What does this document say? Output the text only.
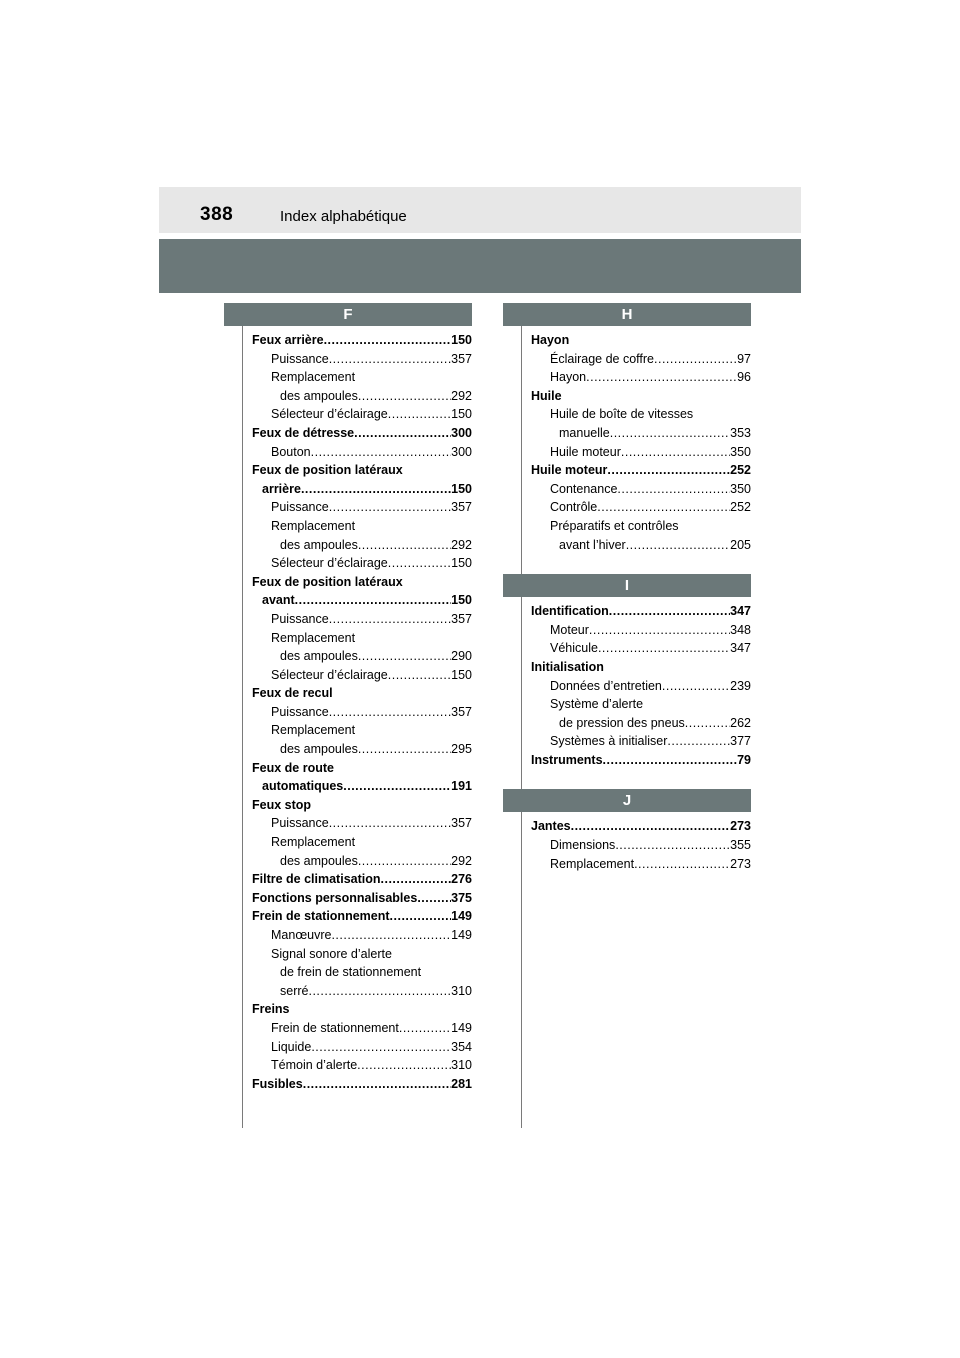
388	Index alphabétique
F
Feux arrière .....	150
Puissance .....	357
Remplacement
des ampoules .....	292
Sélecteur d’éclairage .....	150
Feux de détresse .....	300
Bouton .....	300
Feux de position latéraux
arrière .....	150
Puissance .....	357
Remplacement
des ampoules .....	292
Sélecteur d’éclairage .....	150
Feux de position latéraux
avant .....	150
Puissance .....	357
Remplacement
des ampoules .....	290
Sélecteur d’éclairage .....	150
Feux de recul
Puissance .....	357
Remplacement
des ampoules .....	295
Feux de route
automatiques .....	191
Feux stop
Puissance .....	357
Remplacement
des ampoules .....	292
Filtre de climatisation .....	276
Fonctions personnalisables .....	375
Frein de stationnement .....	149
Manœuvre .....	149
Signal sonore d’alerte
de frein de stationnement
serré .....	310
Freins
Frein de stationnement .....	149
Liquide .....	354
Témoin d’alerte .....	310
Fusibles .....	281
H
Hayon
Éclairage de coffre .....	97
Hayon .....	96
Huile
Huile de boîte de vitesses
manuelle .....	353
Huile moteur .....	350
Huile moteur .....	252
Contenance .....	350
Contrôle .....	252
Préparatifs et contrôles
avant l’hiver .....	205
I
Identification .....	347
Moteur .....	348
Véhicule .....	347
Initialisation
Données d’entretien .....	239
Système d’alerte
de pression des pneus .....	262
Systèmes à initialiser .....	377
Instruments .....	79
J
Jantes .....	273
Dimensions .....	355
Remplacement .....	273
